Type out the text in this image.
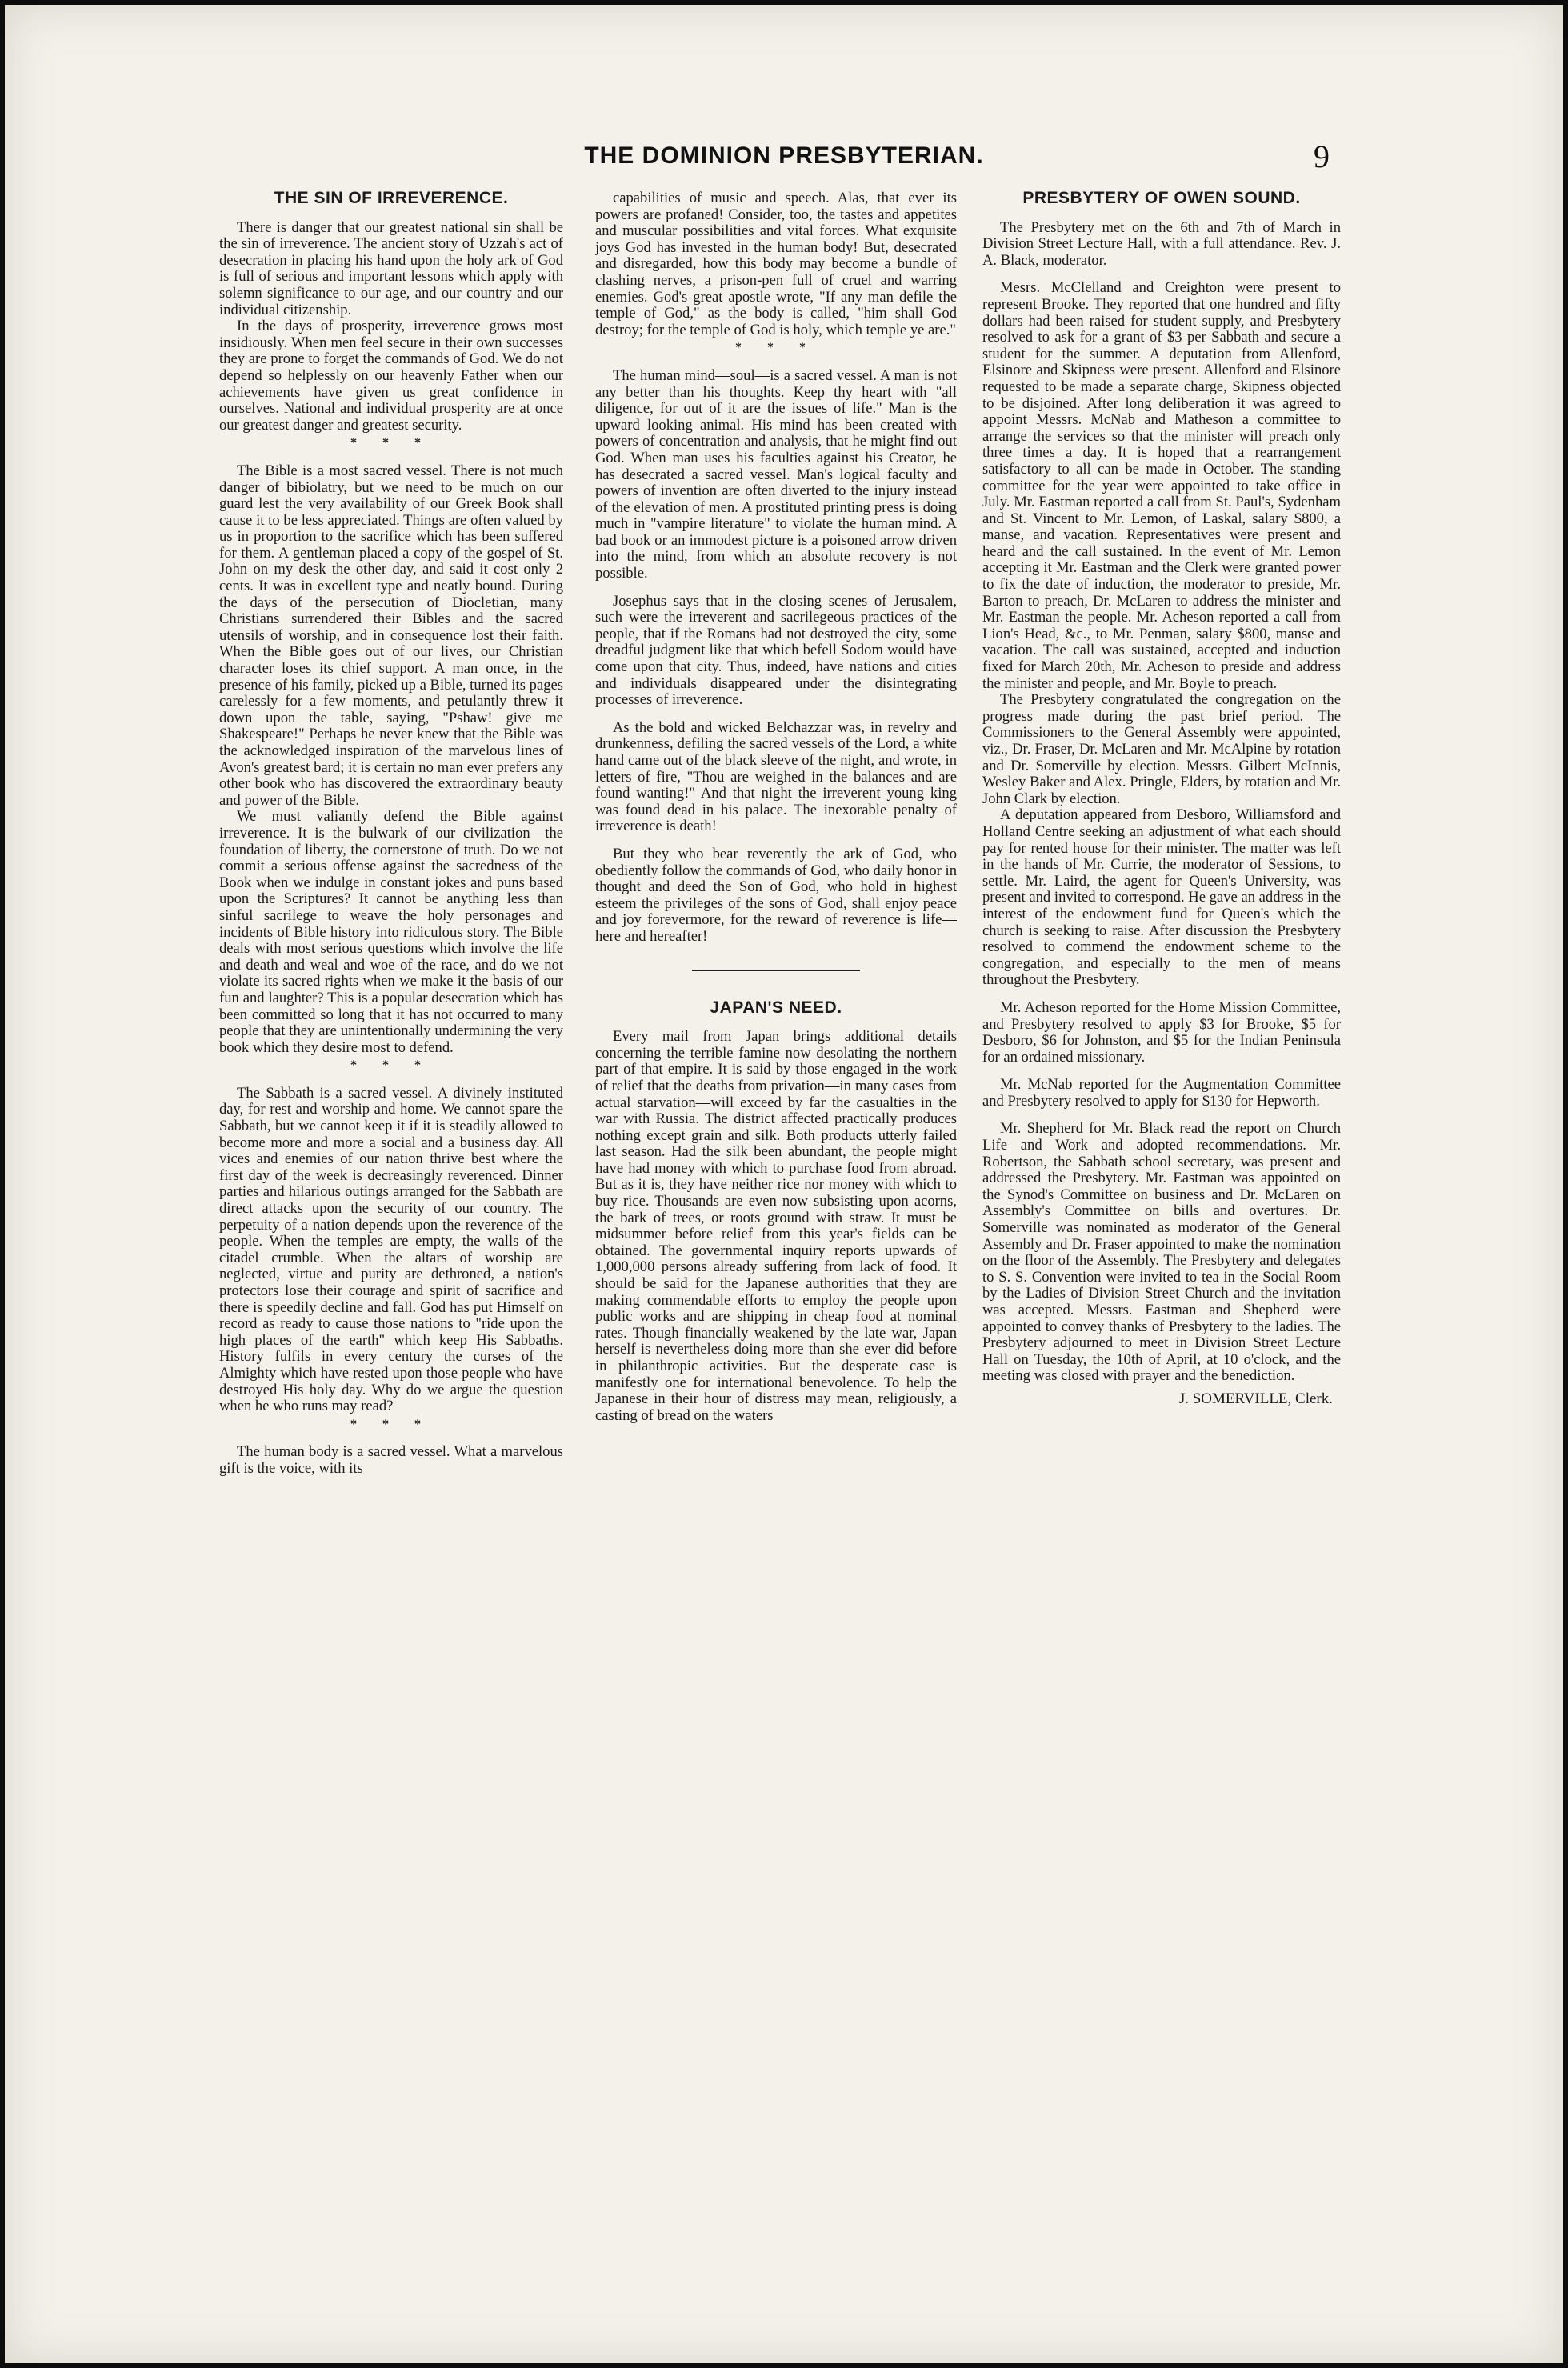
THE DOMINION PRESBYTERIAN.	9
THE SIN OF IRREVERENCE.

There is danger that our greatest national sin shall be the sin of irreverence. The ancient story of Uzzah's act of desecration in placing his hand upon the holy ark of God is full of serious and important lessons which apply with solemn significance to our age, and our country and our individual citizenship.

In the days of prosperity, irreverence grows most insidiously. When men feel secure in their own successes they are prone to forget the commands of God. We do not depend so helplessly on our heavenly Father when our achievements have given us great confidence in ourselves. National and individual prosperity are at once our greatest danger and greatest security.

* * *

The Bible is a most sacred vessel. There is not much danger of bibiolatry, but we need to be much on our guard lest the very availability of our Greek Book shall cause it to be less appreciated. Things are often valued by us in proportion to the sacrifice which has been suffered for them. A gentleman placed a copy of the gospel of St. John on my desk the other day, and said it cost only 2 cents. It was in excellent type and neatly bound. During the days of the persecution of Diocletian, many Christians surrendered their Bibles and the sacred utensils of worship, and in consequence lost their faith. When the Bible goes out of our lives, our Christian character loses its chief support. A man once, in the presence of his family, picked up a Bible, turned its pages carelessly for a few moments, and petulantly threw it down upon the table, saying, "Pshaw! give me Shakespeare!" Perhaps he never knew that the Bible was the acknowledged inspiration of the marvelous lines of Avon's greatest bard; it is certain no man ever prefers any other book who has discovered the extraordinary beauty and power of the Bible.

We must valiantly defend the Bible against irreverence. It is the bulwark of our civilization—the foundation of liberty, the cornerstone of truth. Do we not commit a serious offense against the sacredness of the Book when we indulge in constant jokes and puns based upon the Scriptures? It cannot be anything less than sinful sacrilege to weave the holy personages and incidents of Bible history into ridiculous story. The Bible deals with most serious questions which involve the life and death and weal and woe of the race, and do we not violate its sacred rights when we make it the basis of our fun and laughter? This is a popular desecration which has been committed so long that it has not occurred to many people that they are unintentionally undermining the very book which they desire most to defend.

* * *

The Sabbath is a sacred vessel. A divinely instituted day, for rest and worship and home. We cannot spare the Sabbath, but we cannot keep it if it is steadily allowed to become more and more a social and a business day. All vices and enemies of our nation thrive best where the first day of the week is decreasingly reverenced. Dinner parties and hilarious outings arranged for the Sabbath are direct attacks upon the security of our country. The perpetuity of a nation depends upon the reverence of the people. When the temples are empty, the walls of the citadel crumble. When the altars of worship are neglected, virtue and purity are dethroned, a nation's protectors lose their courage and spirit of sacrifice and there is speedily decline and fall. God has put Himself on record as ready to cause those nations to "ride upon the high places of the earth" which keep His Sabbaths. History fulfils in every century the curses of the Almighty which have rested upon those people who have destroyed His holy day. Why do we argue the question when he who runs may read?

* * *

The human body is a sacred vessel. What a marvelous gift is the voice, with its

capabilities of music and speech. Alas, that ever its powers are profaned! Consider, too, the tastes and appetites and muscular possibilities and vital forces. What exquisite joys God has invested in the human body! But, desecrated and disregarded, how this body may become a bundle of clashing nerves, a prison-pen full of cruel and warring enemies. God's great apostle wrote, "If any man defile the temple of God," as the body is called, "him shall God destroy; for the temple of God is holy, which temple ye are."

* * *

The human mind—soul—is a sacred vessel. A man is not any better than his thoughts. Keep thy heart with "all diligence, for out of it are the issues of life." Man is the upward looking animal. His mind has been created with powers of concentration and analysis, that he might find out God. When man uses his faculties against his Creator, he has desecrated a sacred vessel. Man's logical faculty and powers of invention are often diverted to the injury instead of the elevation of men. A prostituted printing press is doing much in "vampire literature" to violate the human mind. A bad book or an immodest picture is a poisoned arrow driven into the mind, from which an absolute recovery is not possible.

Josephus says that in the closing scenes of Jerusalem, such were the irreverent and sacrilegeous practices of the people, that if the Romans had not destroyed the city, some dreadful judgment like that which befell Sodom would have come upon that city. Thus, indeed, have nations and cities and individuals disappeared under the disintegrating processes of irreverence.

As the bold and wicked Belchazzar was, in revelry and drunkenness, defiling the sacred vessels of the Lord, a white hand came out of the black sleeve of the night, and wrote, in letters of fire, "Thou are weighed in the balances and are found wanting!" And that night the irreverent young king was found dead in his palace. The inexorable penalty of irreverence is death!

But they who bear reverently the ark of God, who obediently follow the commands of God, who daily honor in thought and deed the Son of God, who hold in highest esteem the privileges of the sons of God, shall enjoy peace and joy forevermore, for the reward of reverence is life—here and hereafter!

JAPAN'S NEED.

Every mail from Japan brings additional details concerning the terrible famine now desolating the northern part of that empire. It is said by those engaged in the work of relief that the deaths from privation—in many cases from actual starvation—will exceed by far the casualties in the war with Russia. The district affected practically produces nothing except grain and silk. Both products utterly failed last season. Had the silk been abundant, the people might have had money with which to purchase food from abroad. But as it is, they have neither rice nor money with which to buy rice. Thousands are even now subsisting upon acorns, the bark of trees, or roots ground with straw. It must be midsummer before relief from this year's fields can be obtained. The governmental inquiry reports upwards of 1,000,000 persons already suffering from lack of food. It should be said for the Japanese authorities that they are making commendable efforts to employ the people upon public works and are shipping in cheap food at nominal rates. Though financially weakened by the late war, Japan herself is nevertheless doing more than she ever did before in philanthropic activities. But the desperate case is manifestly one for international benevolence. To help the Japanese in their hour of distress may mean, religiously, a casting of bread on the waters

PRESBYTERY OF OWEN SOUND.

The Presbytery met on the 6th and 7th of March in Division Street Lecture Hall, with a full attendance. Rev. J. A. Black, moderator.

Mesrs. McClelland and Creighton were present to represent Brooke. They reported that one hundred and fifty dollars had been raised for student supply, and Presbytery resolved to ask for a grant of $3 per Sabbath and secure a student for the summer. A deputation from Allenford, Elsinore and Skipness were present. Allenford and Elsinore requested to be made a separate charge, Skipness objected to be disjoined. After long deliberation it was agreed to appoint Messrs. McNab and Matheson a committee to arrange the services so that the minister will preach only three times a day. It is hoped that a rearrangement satisfactory to all can be made in October. The standing committee for the year were appointed to take office in July. Mr. Eastman reported a call from St. Paul's, Sydenham and St. Vincent to Mr. Lemon, of Laskal, salary $800, a manse, and vacation. Representatives were present and heard and the call sustained. In the event of Mr. Lemon accepting it Mr. Eastman and the Clerk were granted power to fix the date of induction, the moderator to preside, Mr. Barton to preach, Dr. McLaren to address the minister and Mr. Eastman the people. Mr. Acheson reported a call from Lion's Head, &c., to Mr. Penman, salary $800, manse and vacation. The call was sustained, accepted and induction fixed for March 20th, Mr. Acheson to preside and address the minister and people, and Mr. Boyle to preach.

The Presbytery congratulated the congregation on the progress made during the past brief period. The Commissioners to the General Assembly were appointed, viz., Dr. Fraser, Dr. McLaren and Mr. McAlpine by rotation and Dr. Somerville by election. Messrs. Gilbert McInnis, Wesley Baker and Alex. Pringle, Elders, by rotation and Mr. John Clark by election.

A deputation appeared from Desboro, Williamsford and Holland Centre seeking an adjustment of what each should pay for rented house for their minister. The matter was left in the hands of Mr. Currie, the moderator of Sessions, to settle. Mr. Laird, the agent for Queen's University, was present and invited to correspond. He gave an address in the interest of the endowment fund for Queen's which the church is seeking to raise. After discussion the Presbytery resolved to commend the endowment scheme to the congregation, and especially to the men of means throughout the Presbytery.

Mr. Acheson reported for the Home Mission Committee, and Presbytery resolved to apply $3 for Brooke, $5 for Desboro, $6 for Johnston, and $5 for the Indian Peninsula for an ordained missionary.

Mr. McNab reported for the Augmentation Committee and Presbytery resolved to apply for $130 for Hepworth.

Mr. Shepherd for Mr. Black read the report on Church Life and Work and adopted recommendations. Mr. Robertson, the Sabbath school secretary, was present and addressed the Presbytery. Mr. Eastman was appointed on the Synod's Committee on business and Dr. McLaren on Assembly's Committee on bills and overtures. Dr. Somerville was nominated as moderator of the General Assembly and Dr. Fraser appointed to make the nomination on the floor of the Assembly. The Presbytery and delegates to S. S. Convention were invited to tea in the Social Room by the Ladies of Division Street Church and the invitation was accepted. Messrs. Eastman and Shepherd were appointed to convey thanks of Presbytery to the ladies. The Presbytery adjourned to meet in Division Street Lecture Hall on Tuesday, the 10th of April, at 10 o'clock, and the meeting was closed with prayer and the benediction.

J. SOMERVILLE, Clerk.
